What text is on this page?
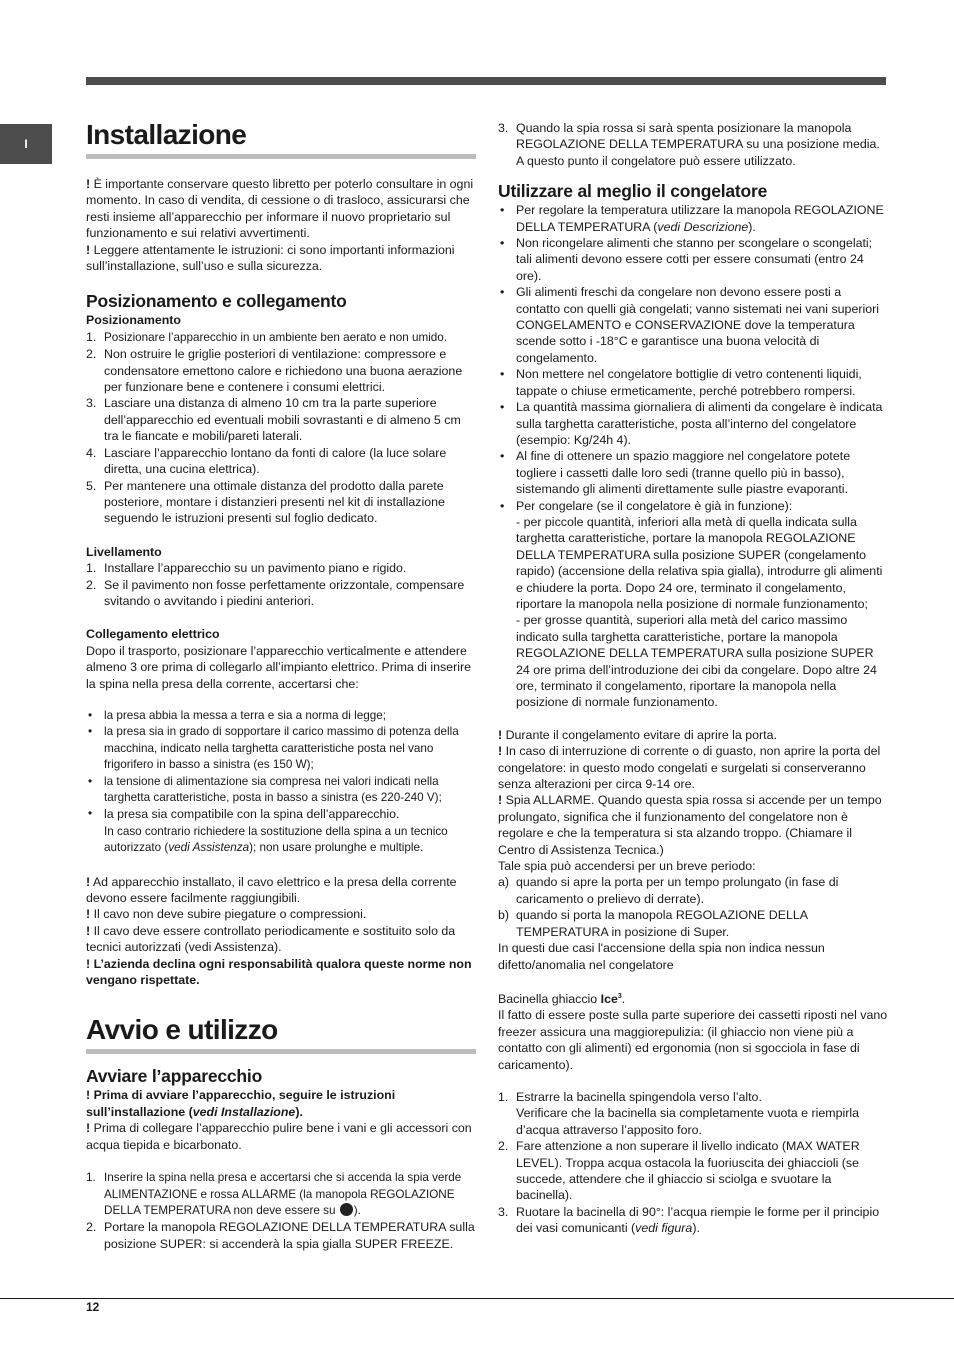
I	Installazione

! È importante conservare questo libretto per poterlo consultare in ogni momento. In caso di vendita, di cessione o di trasloco, assicurarsi che resti insieme all’apparecchio per informare il nuovo proprietario sul funzionamento e sui relativi avvertimenti.

! Leggere attentamente le istruzioni: ci sono importanti informazioni sull’installazione, sull’uso e sulla sicurezza.

Posizionamento e collegamento
Posizionamento
1. Posizionare l’apparecchio in un ambiente ben aerato e non umido.
2. Non ostruire le griglie posteriori di ventilazione: compressore e condensatore emettono calore e richiedono una buona aerazione per funzionare bene e contenere i consumi elettrici.
3. Lasciare una distanza di almeno 10 cm tra la parte superiore dell’apparecchio ed eventuali mobili sovrastanti e di almeno 5 cm tra le fiancate e mobili/pareti laterali.
4. Lasciare l’apparecchio lontano da fonti di calore (la luce solare diretta, una cucina elettrica).
5. Per mantenere una ottimale distanza del prodotto dalla parete posteriore, montare i distanzieri presenti nel kit di installazione seguendo le istruzioni presenti sul foglio dedicato.
Livellamento
1. Installare l’apparecchio su un pavimento piano e rigido.
2. Se il pavimento non fosse perfettamente orizzontale, compensare svitando o avvitando i piedini anteriori.
Collegamento elettrico

Dopo il trasporto, posizionare l’apparecchio verticalmente e attendere almeno 3 ore prima di collegarlo all’impianto elettrico. Prima di inserire la spina nella presa della corrente, accertarsi che:

• la presa abbia la messa a terra e sia a norma di legge;
• la presa sia in grado di sopportare il carico massimo di potenza della macchina, indicato nella targhetta caratteristiche posta nel vano frigorifero in basso a sinistra (es 150 W);
• la tensione di alimentazione sia compresa nei valori indicati nella targhetta caratteristiche, posta in basso a sinistra (es 220-240 V);
• la presa sia compatibile con la spina dell’apparecchio.
In caso contrario richiedere la sostituzione della spina a un tecnico autorizzato (vedi Assistenza); non usare prolunghe e multiple.

! Ad apparecchio installato, il cavo elettrico e la presa della corrente devono essere facilmente raggiungibili.

! Il cavo non deve subire piegature o compressioni.

! Il cavo deve essere controllato periodicamente e sostituito solo da tecnici autorizzati (vedi Assistenza).

! L’azienda declina ogni responsabilità qualora queste norme non vengano rispettate.

Avvio e utilizzo
Avviare l’apparecchio

! Prima di avviare l’apparecchio, seguire le istruzioni sull’installazione (vedi Installazione).

! Prima di collegare l’apparecchio pulire bene i vani e gli accessori con acqua tiepida e bicarbonato.

1. Inserire la spina nella presa e accertarsi che si accenda la spia verde ALIMENTAZIONE e rossa ALLARME (la manopola REGOLAZIONE DELLA TEMPERATURA non deve essere su ).
2. Portare la manopola REGOLAZIONE DELLA TEMPERATURA sulla posizione SUPER: si accenderà la spia gialla SUPER FREEZE.
3. Quando la spia rossa si sarà spenta posizionare la manopola REGOLAZIONE DELLA TEMPERATURA su una posizione media. A questo punto il congelatore può essere utilizzato.
Utilizzare al meglio il congelatore
• Per regolare la temperatura utilizzare la manopola REGOLAZIONE DELLA TEMPERATURA (vedi Descrizione).
• Non ricongelare alimenti che stanno per scongelare o scongelati; tali alimenti devono essere cotti per essere consumati (entro 24 ore).
• Gli alimenti freschi da congelare non devono essere posti a contatto con quelli già congelati; vanno sistemati nei vani superiori CONGELAMENTO e CONSERVAZIONE dove la temperatura scende sotto i -18°C e garantisce una buona velocità di congelamento.
• Non mettere nel congelatore bottiglie di vetro contenenti liquidi, tappate o chiuse ermeticamente, perché potrebbero rompersi.
• La quantità massima giornaliera di alimenti da congelare è indicata sulla targhetta caratteristiche, posta all’interno del congelatore (esempio: Kg/24h 4).
• Al fine di ottenere un spazio maggiore nel congelatore potete togliere i cassetti dalle loro sedi (tranne quello più in basso), sistemando gli alimenti direttamente sulle piastre evaporanti.
• Per congelare (se il congelatore è già in funzione):
- per piccole quantità, inferiori alla metà di quella indicata sulla targhetta caratteristiche, portare la manopola REGOLAZIONE DELLA TEMPERATURA sulla posizione SUPER (congelamento rapido) (accensione della relativa spia gialla), introdurre gli alimenti e chiudere la porta. Dopo 24 ore, terminato il congelamento, riportare la manopola nella posizione di normale funzionamento;
- per grosse quantità, superiori alla metà del carico massimo indicato sulla targhetta caratteristiche, portare la manopola REGOLAZIONE DELLA TEMPERATURA sulla posizione SUPER 24 ore prima dell’introduzione dei cibi da congelare. Dopo altre 24 ore, terminato il congelamento, riportare la manopola nella posizione di normale funzionamento.

! Durante il congelamento evitare di aprire la porta.

! In caso di interruzione di corrente o di guasto, non aprire la porta del congelatore: in questo modo congelati e surgelati si conserveranno senza alterazioni per circa 9-14 ore.

! Spia ALLARME. Quando questa spia rossa si accende per un tempo prolungato, significa che il funzionamento del congelatore non è regolare e che la temperatura si sta alzando troppo. (Chiamare il Centro di Assistenza Tecnica.)

Tale spia può accendersi per un breve periodo:

a) quando si apre la porta per un tempo prolungato (in fase di caricamento o prelievo di derrate).
b) quando si porta la manopola REGOLAZIONE DELLA TEMPERATURA in posizione di Super.

In questi due casi l'accensione della spia non indica nessun difetto/anomalia nel congelatore

Bacinella ghiaccio Ice$^3$.

Il fatto di essere poste sulla parte superiore dei cassetti riposti nel vano freezer assicura una maggiorepulizia: (il ghiaccio non viene più a contatto con gli alimenti) ed ergonomia (non si sgocciola in fase di caricamento).

1. Estrarre la bacinella spingendola verso l’alto.
Verificare che la bacinella sia completamente vuota e riempirla d’acqua attraverso l’apposito foro.
2. Fare attenzione a non superare il livello indicato (MAX WATER LEVEL). Troppa acqua ostacola la fuoriuscita dei ghiaccioli (se succede, attendere che il ghiaccio si sciolga e svuotare la bacinella).
3. Ruotare la bacinella di 90°: l’acqua riempie le forme per il principio dei vasi comunicanti (vedi figura).
12
